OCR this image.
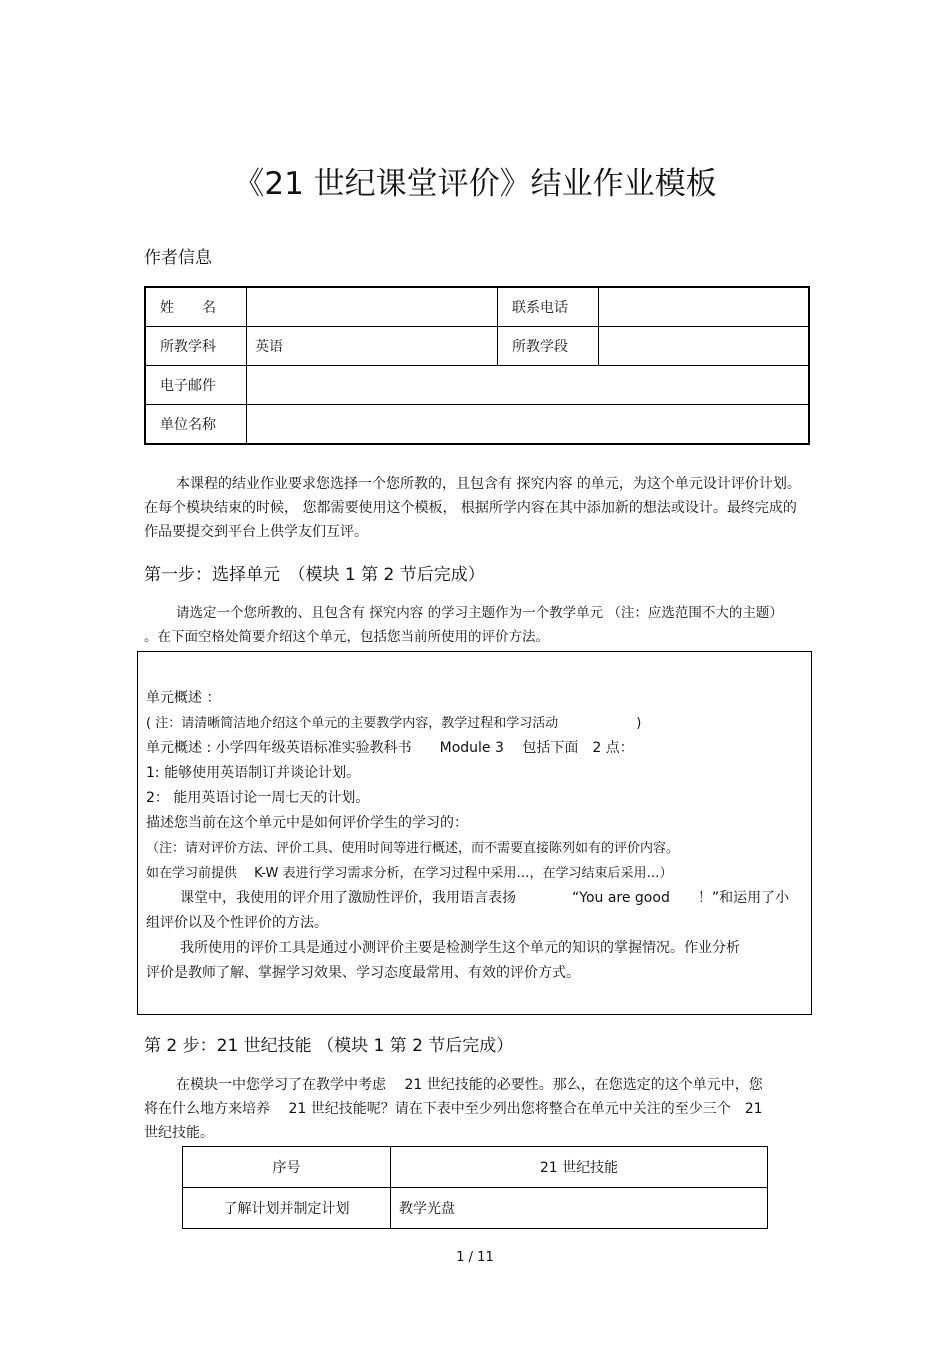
《21 世纪课堂评价》结业作业模板
作者信息
姓　　名		联系电话	
所教学科	英语	所教学段	
电子邮件			
单位名称			

本课程的结业作业要求您选择一个您所教的，且包含有 探究内容 的单元，为这个单元设计评价计划。 在每个模块结束的时候， 您都需要使用这个模板， 根据所学内容在其中添加新的想法或设计。最终完成的作品要提交到平台上供学友们互评。

第一步：选择单元　（模块 1 第 2 节后完成）

请选定一个您所教的、且包含有 探究内容 的学习主题作为一个教学单元 （注：应选范围不大的主题） 。在下面空格处简要介绍这个单元，包括您当前所使用的评价方法。

单元概述 ：
( 注：请清晰简洁地介绍这个单元的主要教学内容，教学过程和学习活动　　　　　　)
单元概述 : 小学四年级英语标准实验教科书　　Module 3　 包括下面　2 点：
1: 能够使用英语制订并谈论计划。
2： 能用英语讨论一周七天的计划。
描述您当前在这个单元中是如何评价学生的学习的：
（注：请对评价方法、评价工具、使用时间等进行概述，而不需要直接陈列如有的评价内容。
如在学习前提供　 K-W 表进行学习需求分析，在学习过程中采用…，在学习结束后采用…）
课堂中，我使用的评介用了激励性评价，我用语言表扬　　　　“You are good　　！”和运用了小组评价以及个性评价的方法。
我所使用的评价工具是通过小测评价主要是检测学生这个单元的知识的掌握情况。作业分析评价是教师了解、掌握学习效果、学习态度最常用、有效的评价方式。
第 2 步：21 世纪技能 （模块 1 第 2 节后完成）

在模块一中您学习了在教学中考虑　 21 世纪技能的必要性。那么，在您选定的这个单元中，您将在什么地方来培养　 21 世纪技能呢？请在下表中至少列出您将整合在单元中关注的至少三个　21 世纪技能。

序号	21 世纪技能
了解计划并制定计划	教学光盘
1 / 11
